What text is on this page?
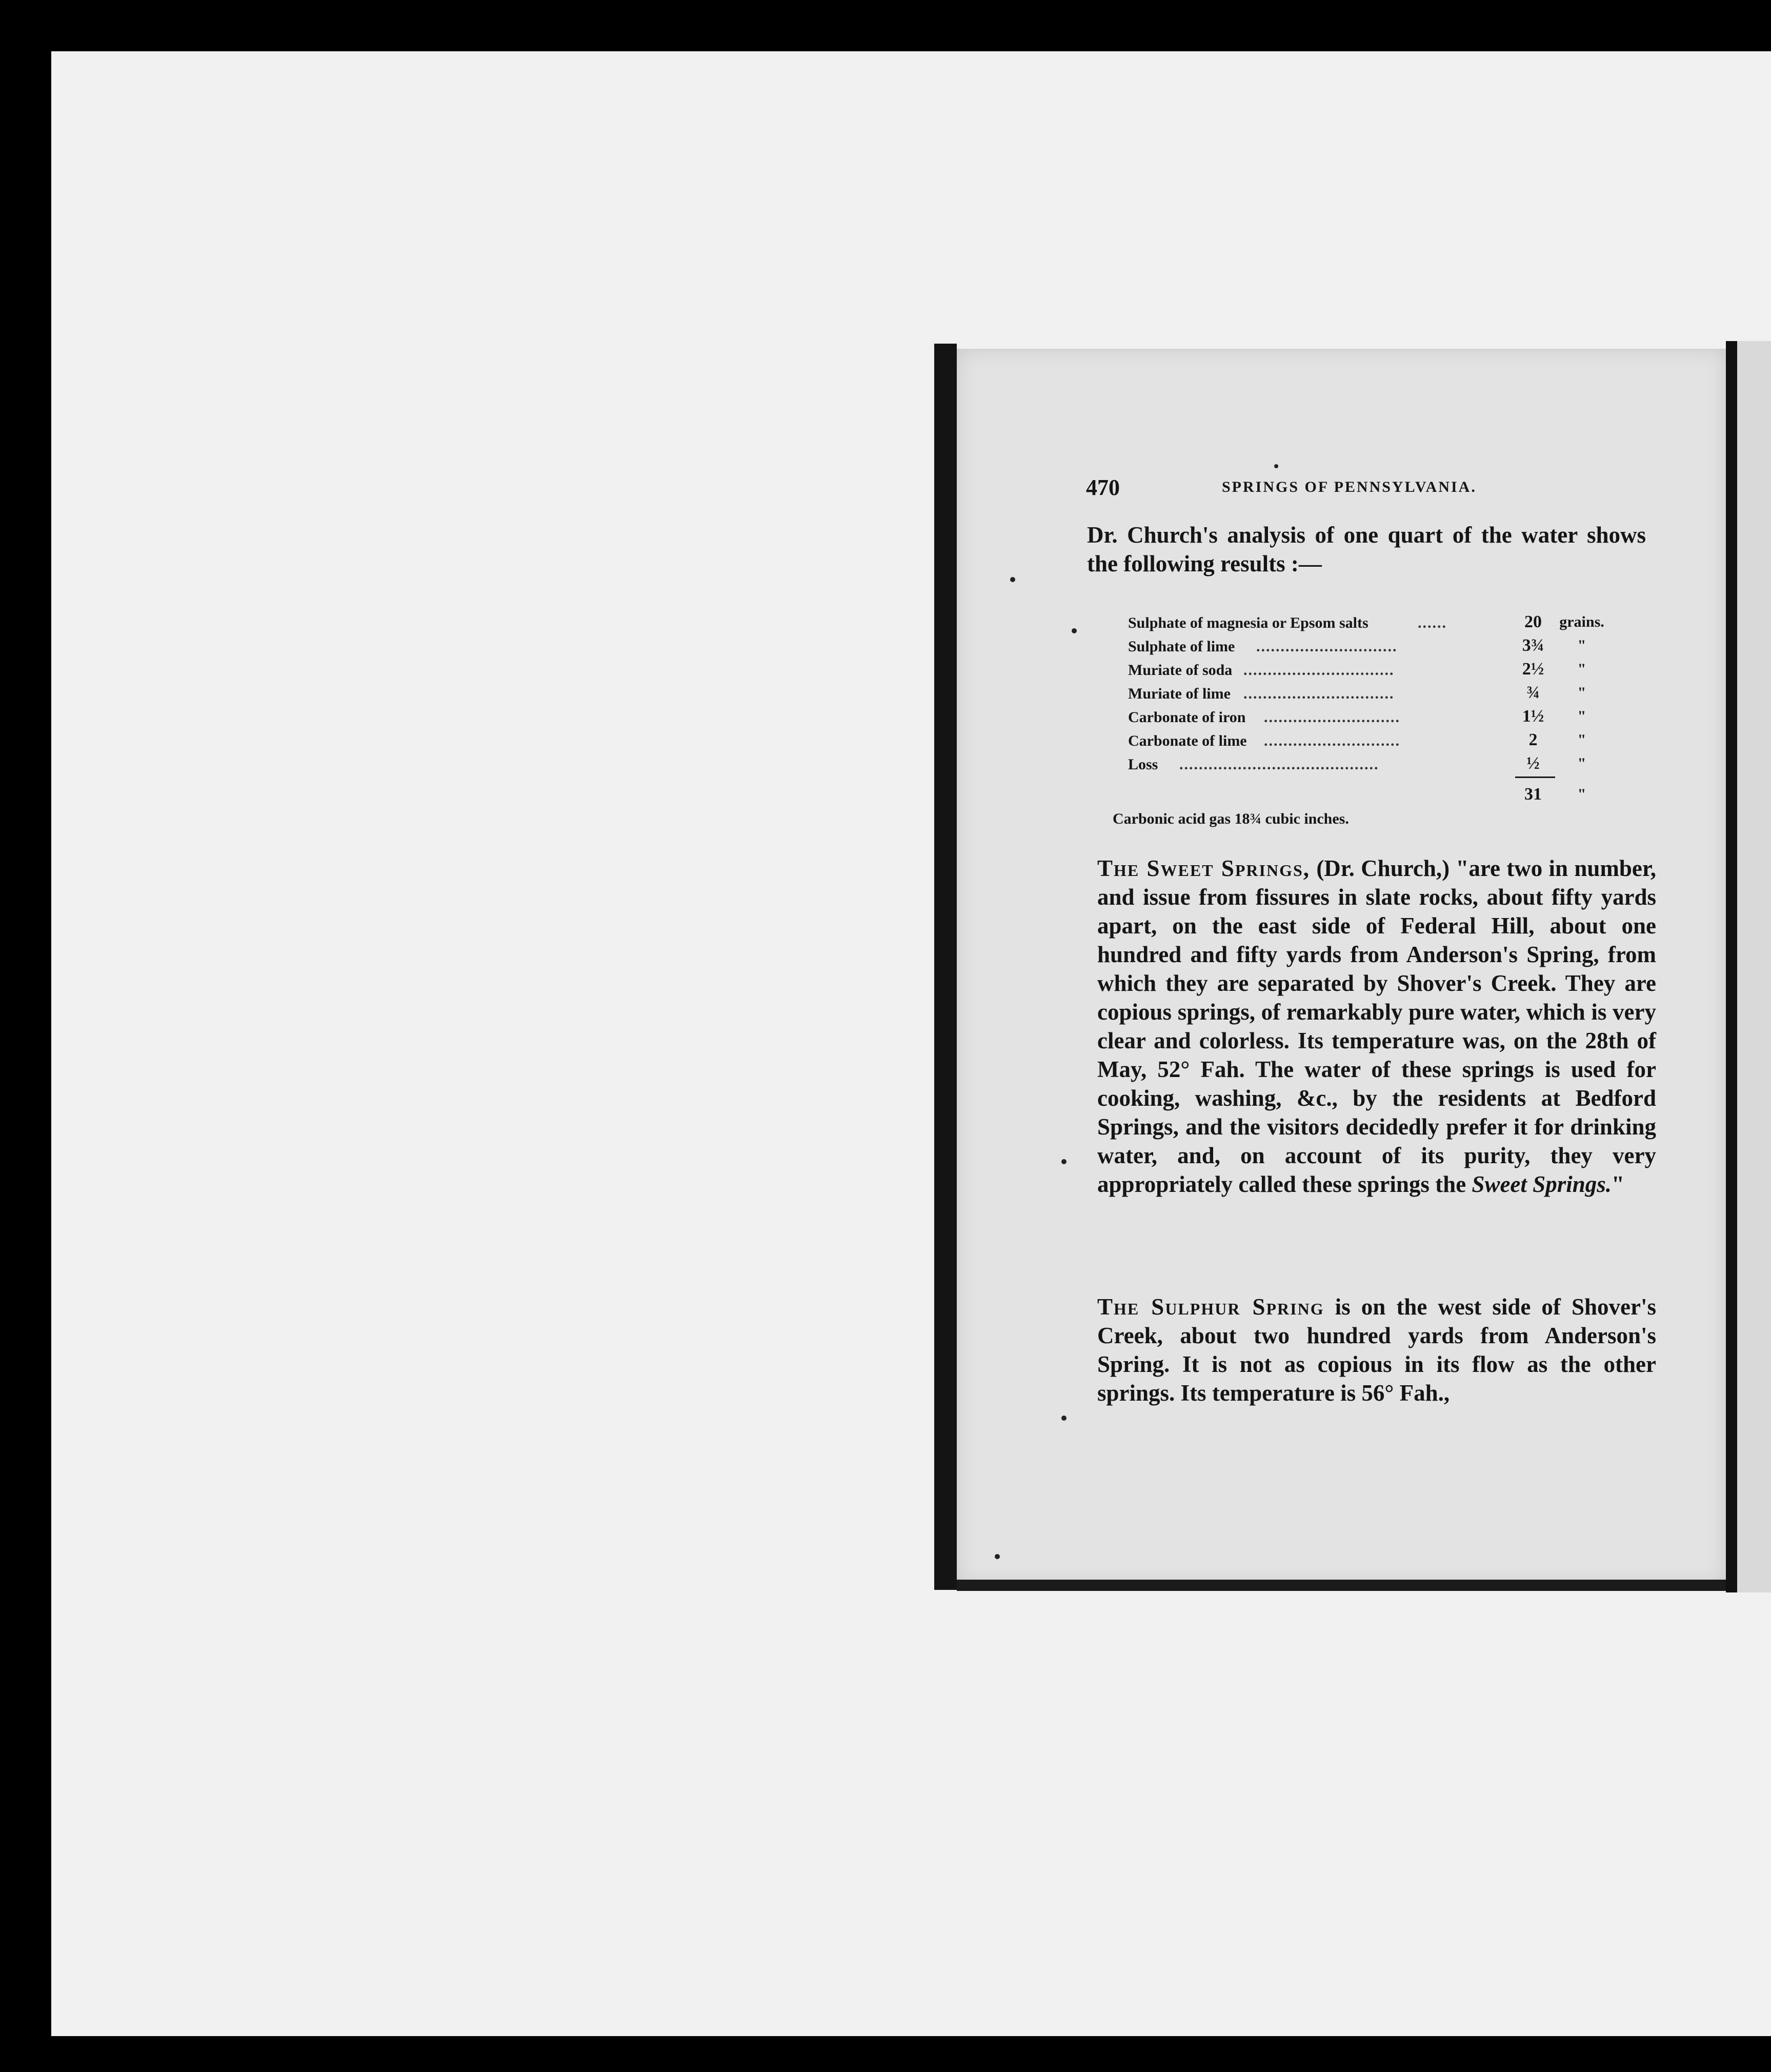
470	SPRINGS OF PENNSYLVANIA.
Dr. Church's analysis of one quart of the water shows the following results :—
Sulphate of magnesia or Epsom salts	......	20	grains.
Sulphate of lime .............................	3¾	"
Muriate of soda ...............................	2½	"
Muriate of lime ...............................	¾	"
Carbonate of iron ............................	1½	"
Carbonate of lime ............................	2	"
Loss .........................................	½	"
31	"
Carbonic acid gas 18¾ cubic inches.
The Sweet Springs, (Dr. Church,) "are two in number, and issue from fissures in slate rocks, about fifty yards apart, on the east side of Federal Hill, about one hundred and fifty yards from Anderson's Spring, from which they are separated by Shover's Creek. They are copious springs, of remarkably pure water, which is very clear and colorless. Its temperature was, on the 28th of May, 52° Fah. The water of these springs is used for cooking, washing, &c., by the residents at Bedford Springs, and the visitors decidedly prefer it for drinking water, and, on account of its purity, they very appropriately called these springs the Sweet Springs."
The Sulphur Spring is on the west side of Shover's Creek, about two hundred yards from Anderson's Spring. It is not as copious in its flow as the other springs. Its temperature is 56° Fah.,
